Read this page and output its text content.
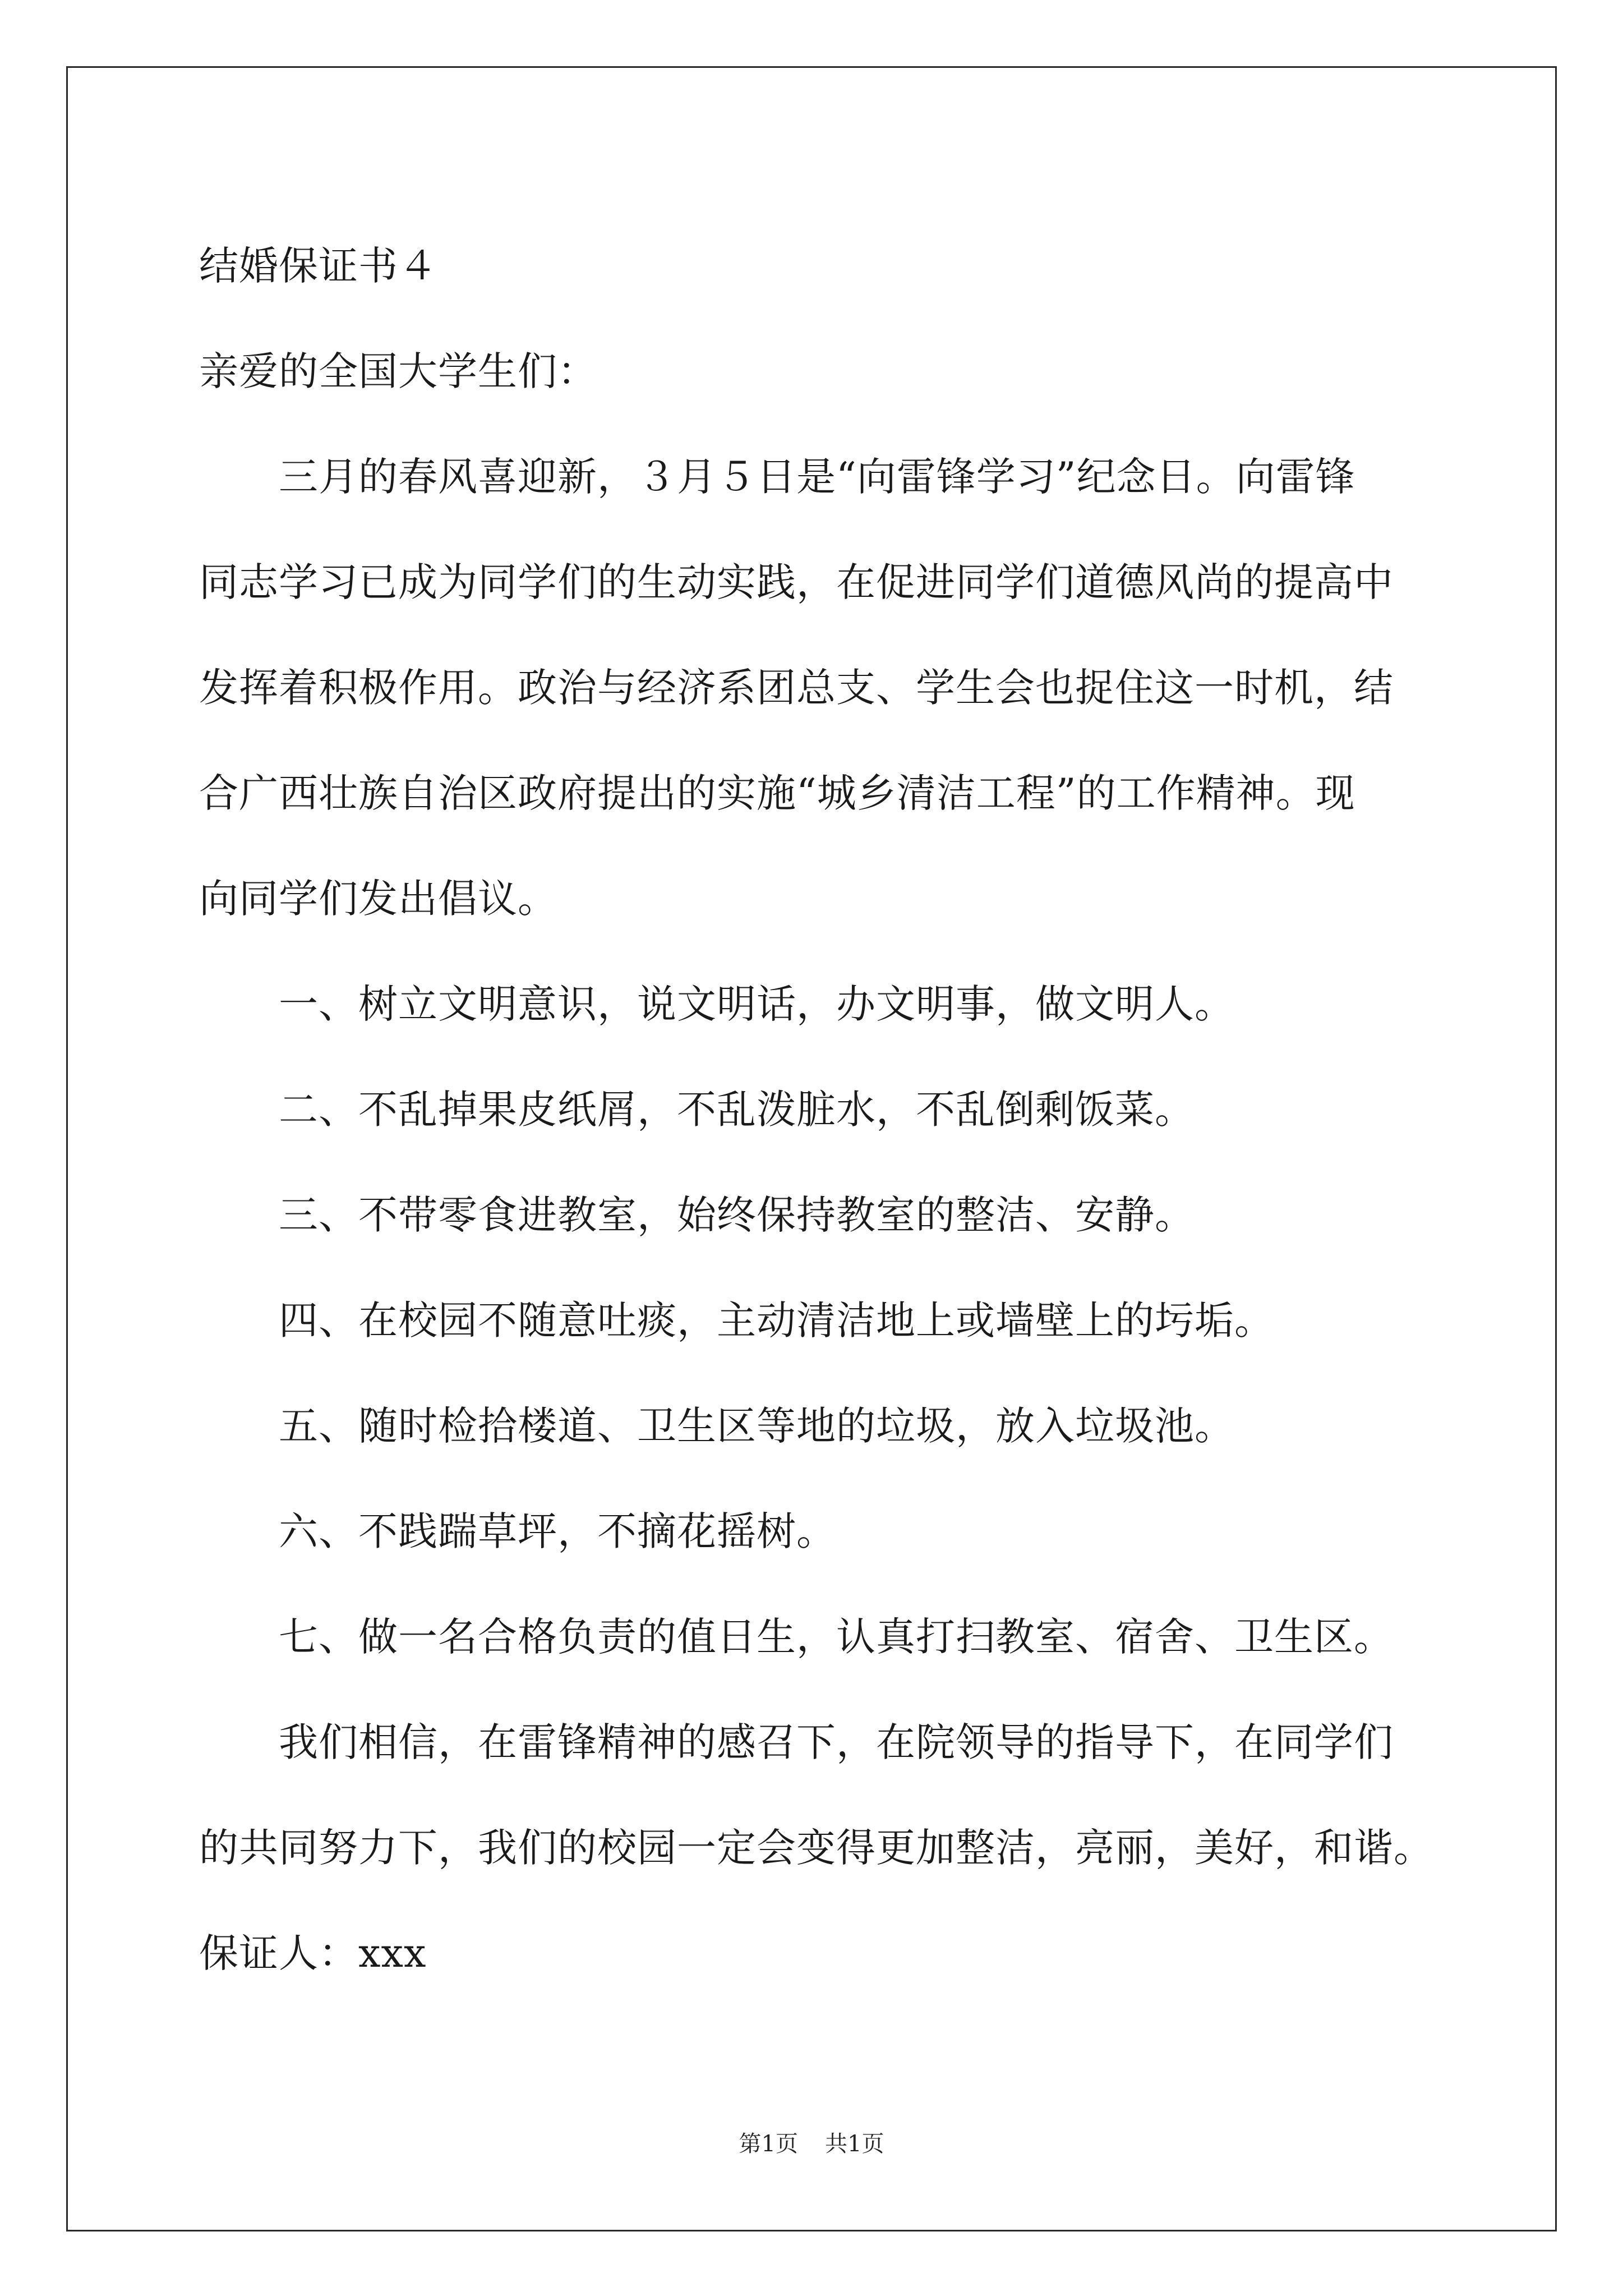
结婚保证书４
亲爱的全国大学生们：
三月的春风喜迎新，３月５日是“向雷锋学习”纪念日。向雷锋
同志学习已成为同学们的生动实践，在促进同学们道德风尚的提高中
发挥着积极作用。政治与经济系团总支、学生会也捉住这一时机，结
合广西壮族自治区政府提出的实施“城乡清洁工程”的工作精神。现
向同学们发出倡议。
一、树立文明意识，说文明话，办文明事，做文明人。
二、不乱掉果皮纸屑，不乱泼脏水，不乱倒剩饭菜。
三、不带零食进教室，始终保持教室的整洁、安静。
四、在校园不随意吐痰，主动清洁地上或墙壁上的圬垢。
五、随时检拾楼道、卫生区等地的垃圾，放入垃圾池。
六、不践踹草坪，不摘花摇树。
七、做一名合格负责的值日生，认真打扫教室、宿舍、卫生区。
我们相信，在雷锋精神的感召下，在院领导的指导下，在同学们
的共同努力下，我们的校园一定会变得更加整洁，亮丽，美好，和谐。
保证人：xxx
第1页 共1页
